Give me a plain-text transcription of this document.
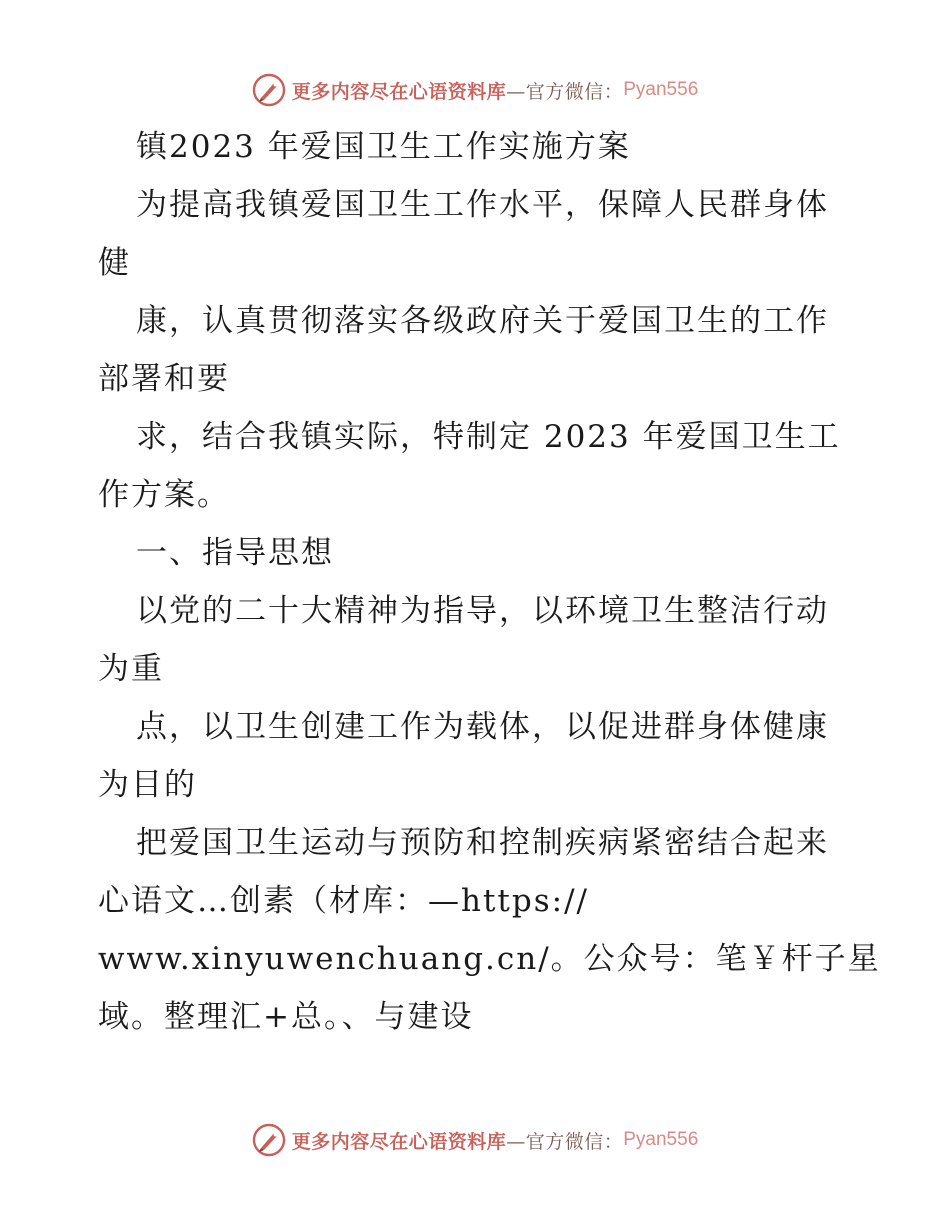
更多内容尽在心语资料库 —官方微信： Pyan556
镇2023 年爱国卫生工作实施方案
为提高我镇爱国卫生工作水平，保障人民群身体
健
康，认真贯彻落实各级政府关于爱国卫生的工作
部署和要
求，结合我镇实际，特制定 2023 年爱国卫生工
作方案。
一、指导思想
以党的二十大精神为指导，以环境卫生整洁行动
为重
点，以卫生创建工作为载体，以促进群身体健康
为目的
把爱国卫生运动与预防和控制疾病紧密结合起来
心语文…创素（材库：—https://
www.xinyuwenchuang.cn/。公众号：笔￥杆子星
域。整理汇+总。、与建设
更多内容尽在心语资料库 —官方微信： Pyan556
